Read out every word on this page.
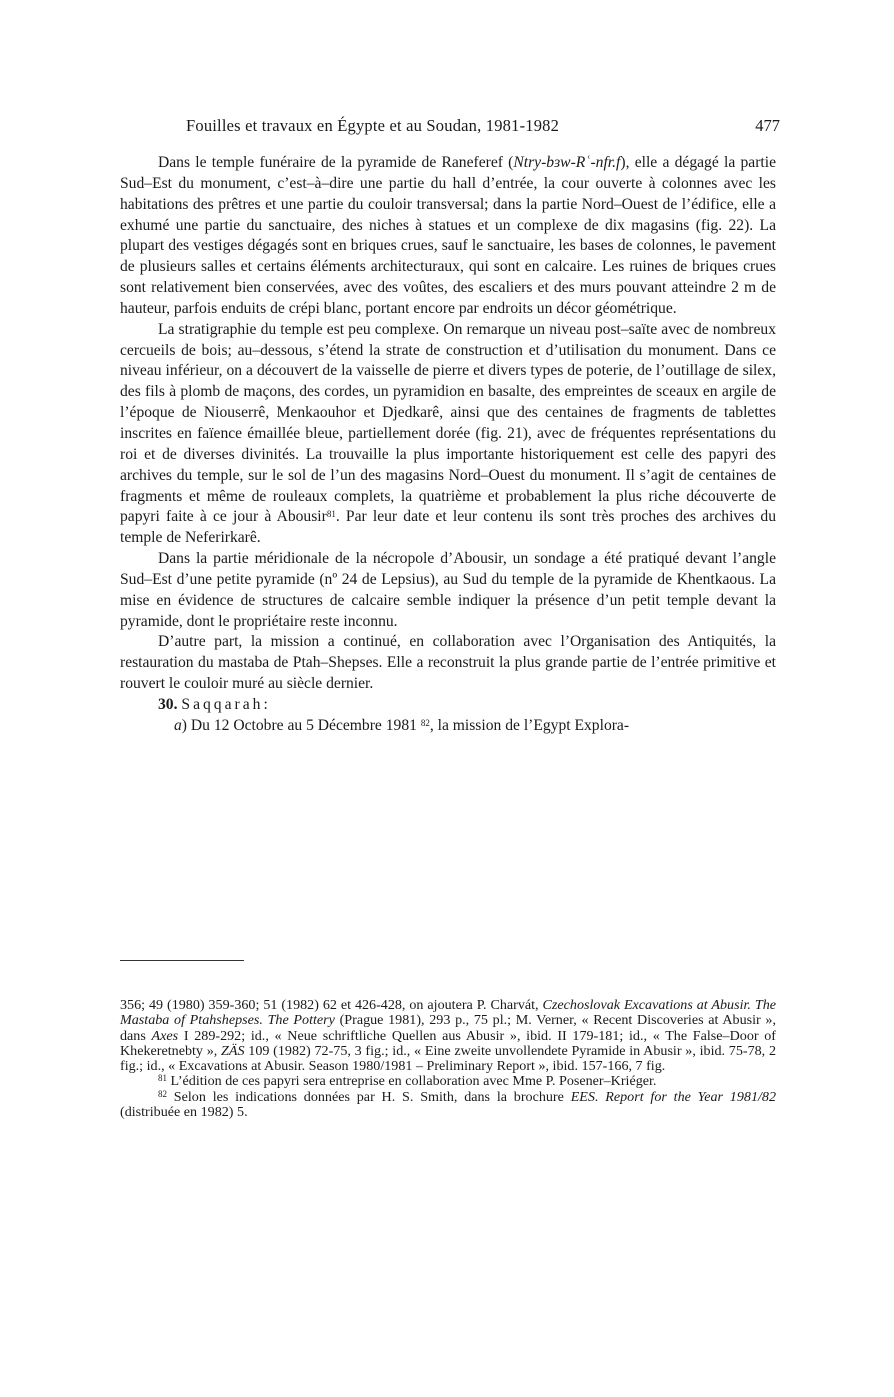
Fouilles et travaux en Égypte et au Soudan, 1981-1982	477

Dans le temple funéraire de la pyramide de Raneferef (Ntry-bɜw-Rʿ-nfr.f), elle a dégagé la partie Sud–Est du monument, c’est–à–dire une partie du hall d’entrée, la cour ouverte à colonnes avec les habitations des prêtres et une partie du couloir transversal; dans la partie Nord–Ouest de l’édifice, elle a exhumé une partie du sanctuaire, des niches à statues et un complexe de dix magasins (fig. 22). La plupart des vestiges dégagés sont en briques crues, sauf le sanctuaire, les bases de colonnes, le pavement de plusieurs salles et certains éléments architecturaux, qui sont en calcaire. Les ruines de briques crues sont relativement bien conservées, avec des voûtes, des escaliers et des murs pouvant atteindre 2 m de hauteur, parfois enduits de crépi blanc, portant encore par endroits un décor géométrique.

La stratigraphie du temple est peu complexe. On remarque un niveau post–saïte avec de nombreux cercueils de bois; au–dessous, s’étend la strate de construction et d’utilisation du monument. Dans ce niveau inférieur, on a découvert de la vaisselle de pierre et divers types de poterie, de l’outillage de silex, des fils à plomb de maçons, des cordes, un pyramidion en basalte, des empreintes de sceaux en argile de l’époque de Niouserrê, Menkaouhor et Djedkarê, ainsi que des centaines de fragments de tablettes inscrites en faïence émaillée bleue, partiellement dorée (fig. 21), avec de fréquentes représentations du roi et de diverses divinités. La trouvaille la plus importante historiquement est celle des papyri des archives du temple, sur le sol de l’un des magasins Nord–Ouest du monument. Il s’agit de centaines de fragments et même de rouleaux complets, la quatrième et probablement la plus riche découverte de papyri faite à ce jour à Abousir$^{81}$. Par leur date et leur contenu ils sont très proches des archives du temple de Neferirkarê.

Dans la partie méridionale de la nécropole d’Abousir, un sondage a été pratiqué devant l’angle Sud–Est d’une petite pyramide (nº 24 de Lepsius), au Sud du temple de la pyramide de Khentkaous. La mise en évidence de structures de calcaire semble indiquer la présence d’un petit temple devant la pyramide, dont le propriétaire reste inconnu.

D’autre part, la mission a continué, en collaboration avec l’Organisation des Antiquités, la restauration du mastaba de Ptah–Shepses. Elle a reconstruit la plus grande partie de l’entrée primitive et rouvert le couloir muré au siècle dernier.

30. Saqqarah:

a) Du 12 Octobre au 5 Décembre 1981 $^{82}$, la mission de l’Egypt Explora-

356; 49 (1980) 359-360; 51 (1982) 62 et 426-428, on ajoutera P. Charvát, Czechoslovak Excavations at Abusir. The Mastaba of Ptahshepses. The Pottery (Prague 1981), 293 p., 75 pl.; M. Verner, « Recent Discoveries at Abusir », dans Axes I 289-292; id., « Neue schriftliche Quellen aus Abusir », ibid. II 179-181; id., « The False–Door of Khekeretnebty », ZÄS 109 (1982) 72-75, 3 fig.; id., « Eine zweite unvollendete Pyramide in Abusir », ibid. 75-78, 2 fig.; id., « Excavations at Abusir. Season 1980/1981 – Preliminary Report », ibid. 157-166, 7 fig.

$^{81}$ L’édition de ces papyri sera entreprise en collaboration avec Mme P. Posener–Kriéger.

$^{82}$ Selon les indications données par H. S. Smith, dans la brochure EES. Report for the Year 1981/82 (distribuée en 1982) 5.
